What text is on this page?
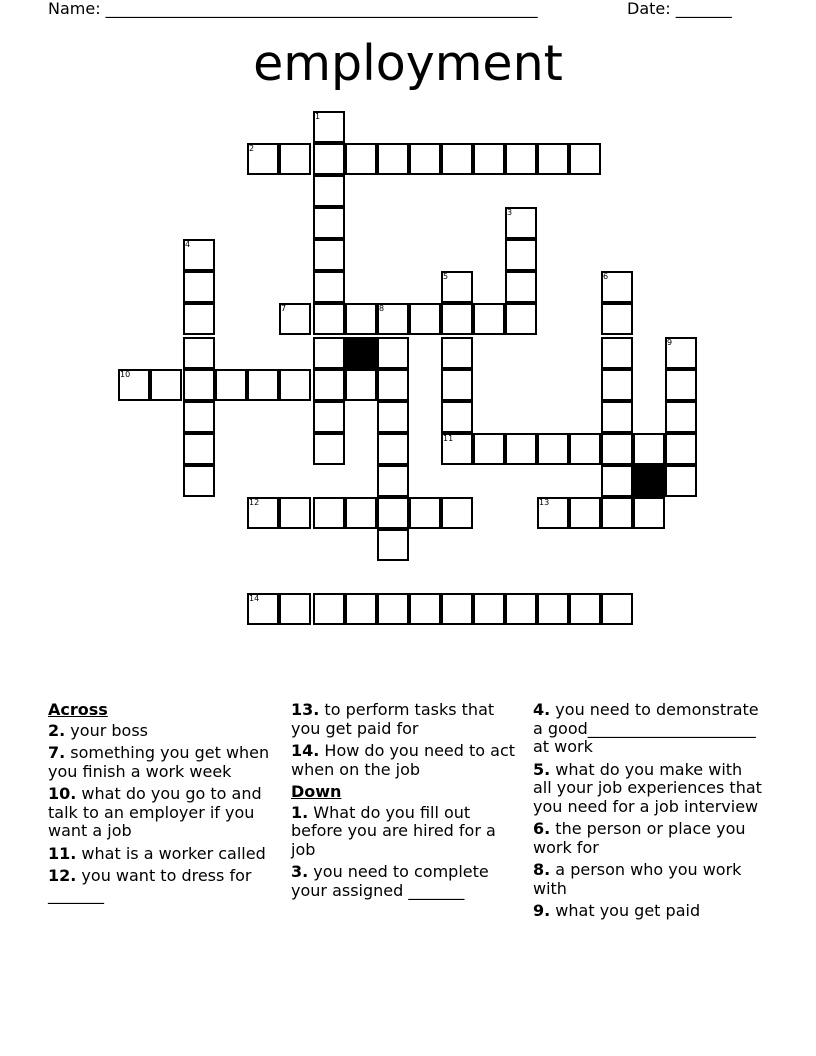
Name: ______________________________________________________	Date: _______
employment
1
2
3
4
5	6
7	8
9
10
11
12	13
14
Across

2. your boss

7. something you get when you finish a work week

10. what do you go to and talk to an employer if you want a job

11. what is a worker called

12. you want to dress for _______

13. to perform tasks that you get paid for

14. How do you need to act when on the job

Down

1. What do you fill out before you are hired for a job

3. you need to complete your assigned _______

4. you need to demonstrate a good_____________________ at work

5. what do you make with all your job experiences that you need for a job interview

6. the person or place you work for

8. a person who you work with

9. what you get paid
